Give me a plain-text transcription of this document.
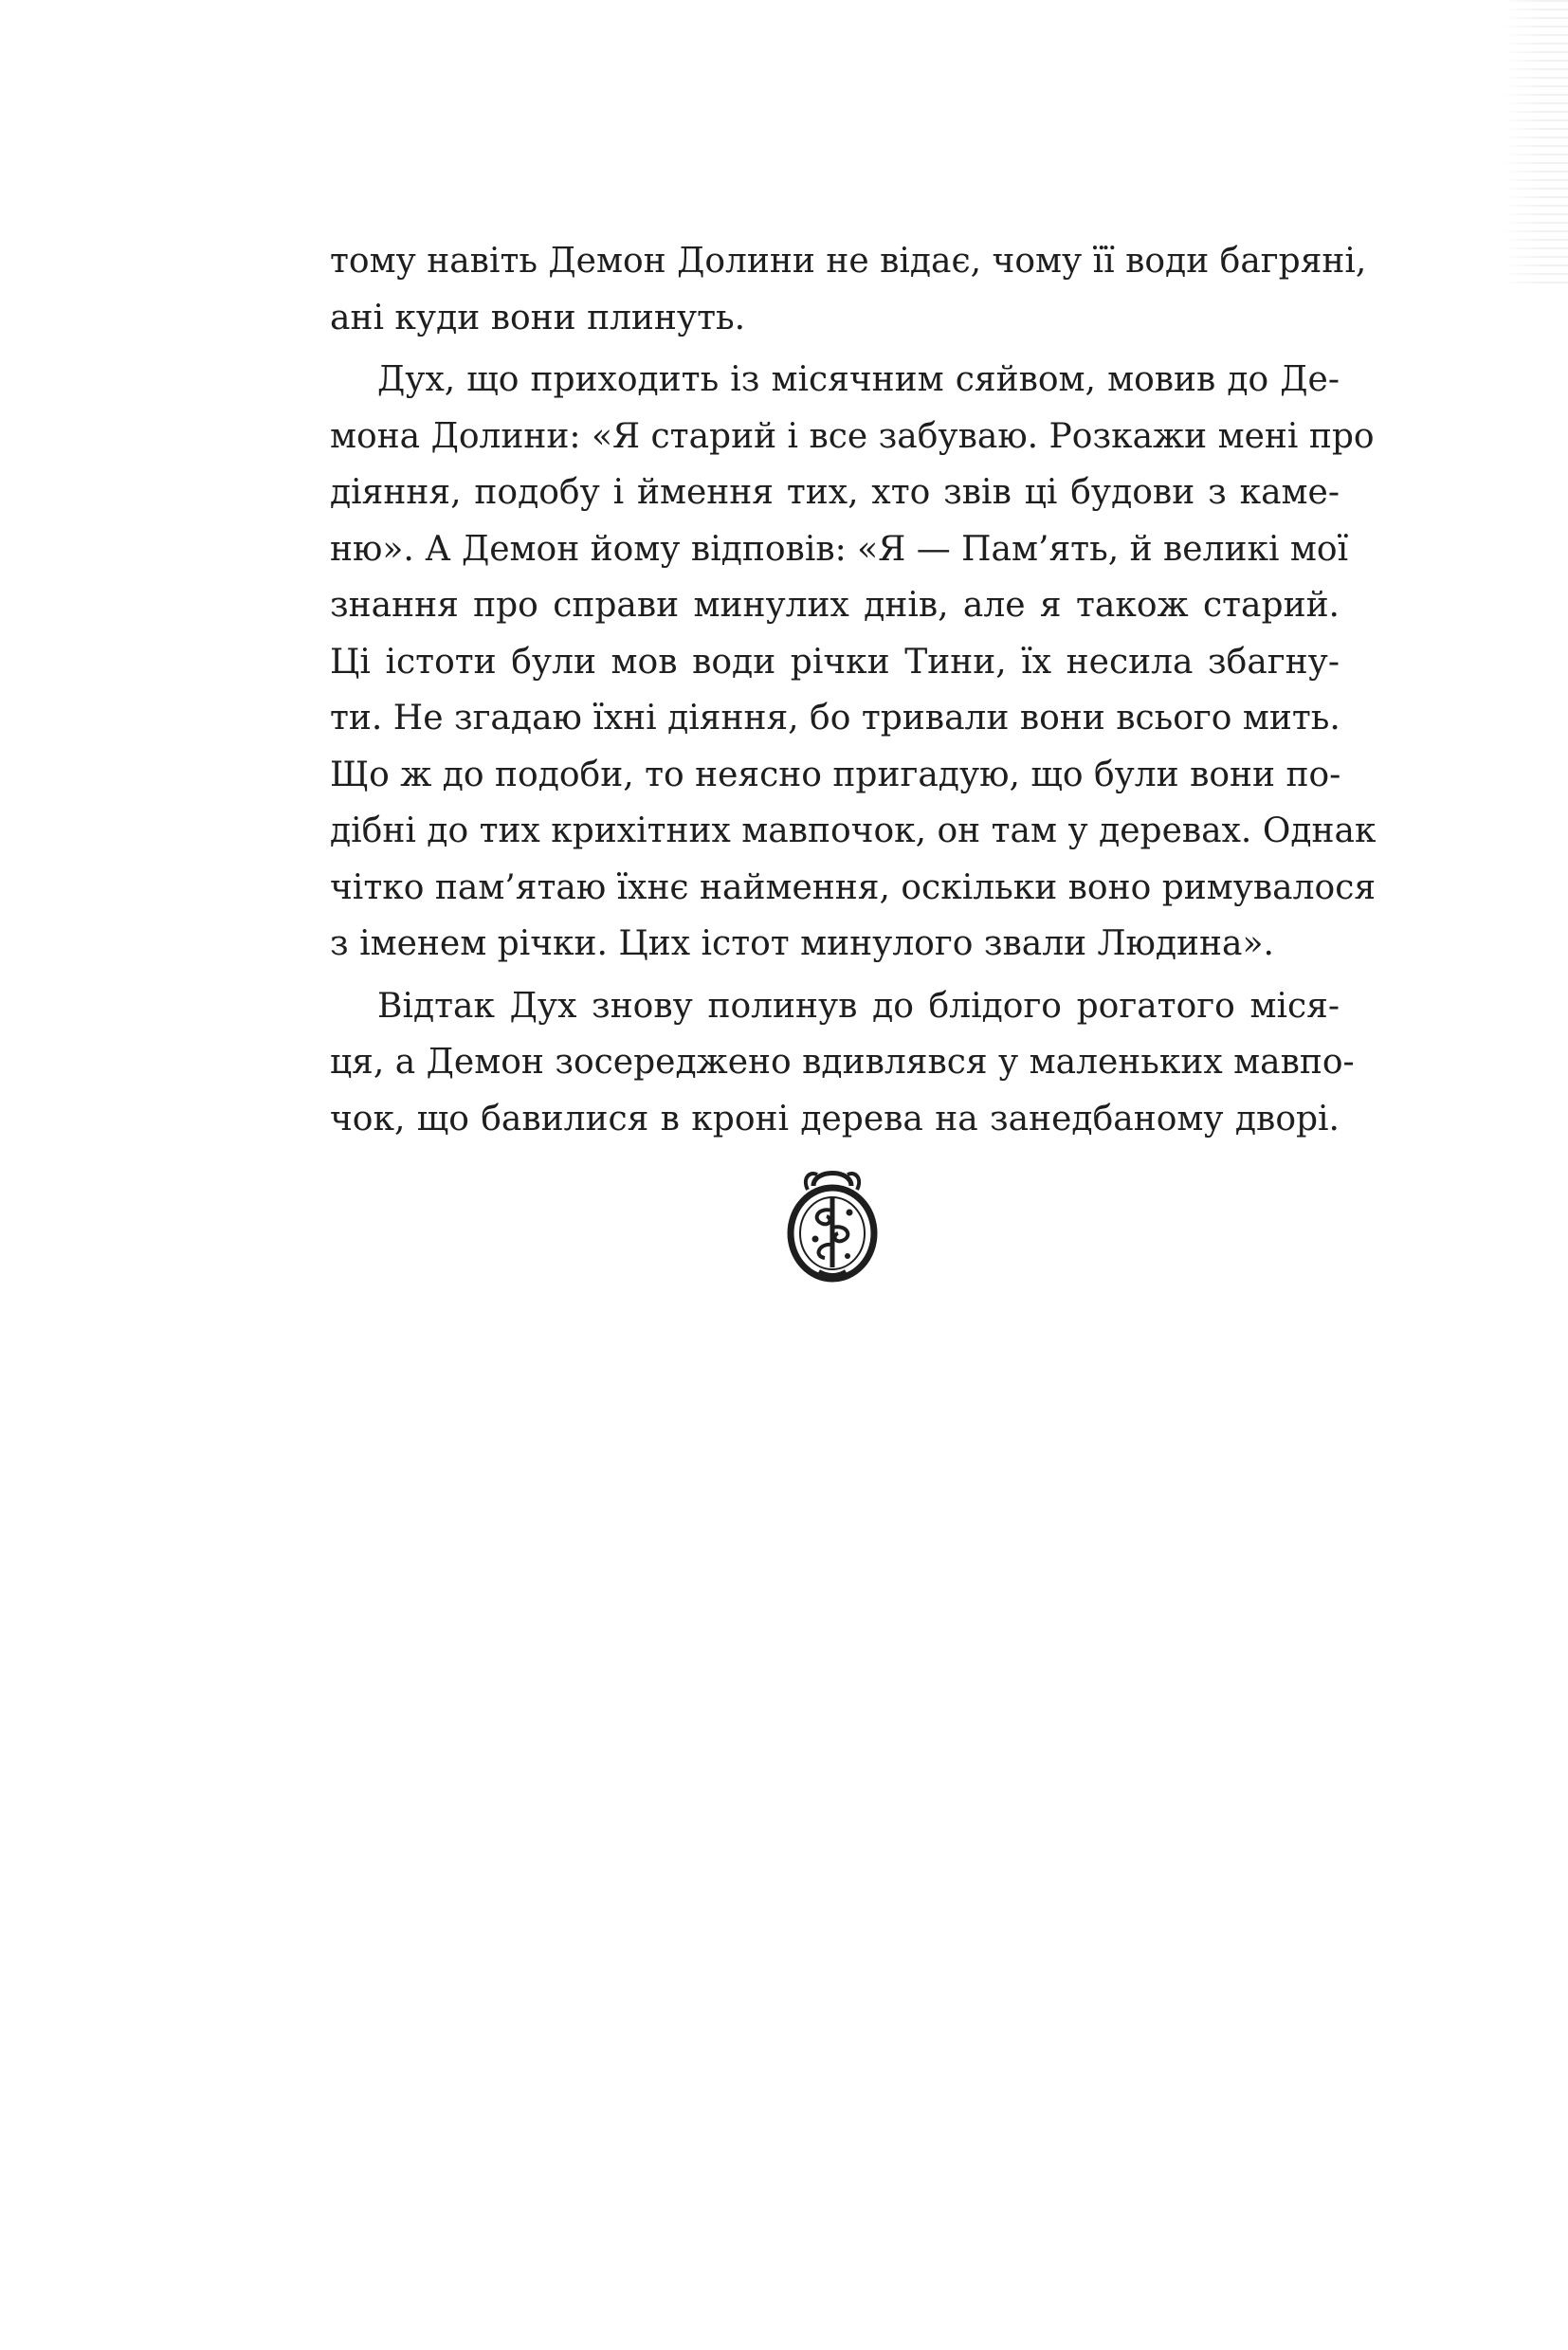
тому навіть Демон Долини не відає, чому її води багряні,
ані куди вони плинуть.
Дух, що приходить із місячним сяйвом, мовив до Де-
мона Долини: «Я старий і все забуваю. Розкажи мені про
діяння, подобу і ймення тих, хто звів ці будови з каме-
ню». А Демон йому відповів: «Я — Пам’ять, й великі мої
знання про справи минулих днів, але я також старий.
Ці істоти були мов води річки Тини, їх несила збагну-
ти. Не згадаю їхні діяння, бо тривали вони всього мить.
Що ж до подоби, то неясно пригадую, що були вони по-
дібні до тих крихітних мавпочок, он там у деревах. Однак
чітко пам’ятаю їхнє наймення, оскільки воно римувалося
з іменем річки. Цих істот минулого звали Людина».
Відтак Дух знову полинув до блідого рогатого міся-
ця, а Демон зосереджено вдивлявся у маленьких мавпо-
чок, що бавилися в кроні дерева на занедбаному дворі.
